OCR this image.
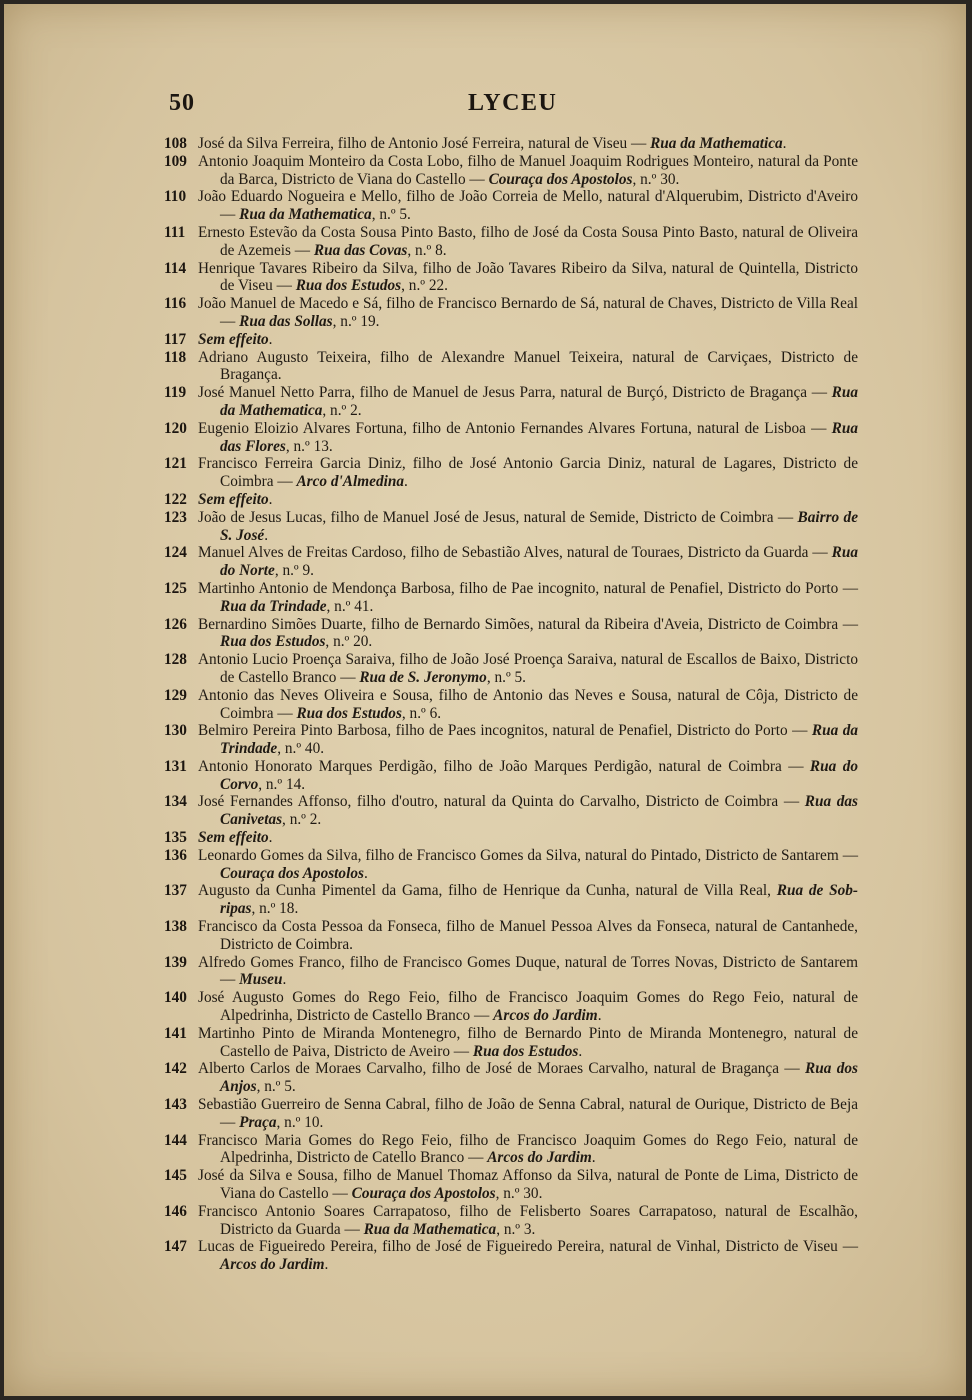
50	LYCEU
108 José da Silva Ferreira, filho de Antonio José Ferreira, natural de Viseu — Rua da Mathematica.
109 Antonio Joaquim Monteiro da Costa Lobo, filho de Manuel Joaquim Rodrigues Monteiro, natural da Ponte da Barca, Districto de Viana do Castello — Couraça dos Apostolos, n.º 30.
110 João Eduardo Nogueira e Mello, filho de João Correia de Mello, natural d'Alquerubim, Districto d'Aveiro — Rua da Mathematica, n.º 5.
111 Ernesto Estevão da Costa Sousa Pinto Basto, filho de José da Costa Sousa Pinto Basto, natural de Oliveira de Azemeis — Rua das Covas, n.º 8.
114 Henrique Tavares Ribeiro da Silva, filho de João Tavares Ribeiro da Silva, natural de Quintella, Districto de Viseu — Rua dos Estudos, n.º 22.
116 João Manuel de Macedo e Sá, filho de Francisco Bernardo de Sá, natural de Chaves, Districto de Villa Real — Rua das Sollas, n.º 19.
117 Sem effeito.
118 Adriano Augusto Teixeira, filho de Alexandre Manuel Teixeira, natural de Carviçaes, Districto de Bragança.
119 José Manuel Netto Parra, filho de Manuel de Jesus Parra, natural de Burçó, Districto de Bragança — Rua da Mathematica, n.º 2.
120 Eugenio Eloizio Alvares Fortuna, filho de Antonio Fernandes Alvares Fortuna, natural de Lisboa — Rua das Flores, n.º 13.
121 Francisco Ferreira Garcia Diniz, filho de José Antonio Garcia Diniz, natural de Lagares, Districto de Coimbra — Arco d'Almedina.
122 Sem effeito.
123 João de Jesus Lucas, filho de Manuel José de Jesus, natural de Semide, Districto de Coimbra — Bairro de S. José.
124 Manuel Alves de Freitas Cardoso, filho de Sebastião Alves, natural de Touraes, Districto da Guarda — Rua do Norte, n.º 9.
125 Martinho Antonio de Mendonça Barbosa, filho de Pae incognito, natural de Penafiel, Districto do Porto — Rua da Trindade, n.º 41.
126 Bernardino Simões Duarte, filho de Bernardo Simões, natural da Ribeira d'Aveia, Districto de Coimbra — Rua dos Estudos, n.º 20.
128 Antonio Lucio Proença Saraiva, filho de João José Proença Saraiva, natural de Escallos de Baixo, Districto de Castello Branco — Rua de S. Jeronymo, n.º 5.
129 Antonio das Neves Oliveira e Sousa, filho de Antonio das Neves e Sousa, natural de Côja, Districto de Coimbra — Rua dos Estudos, n.º 6.
130 Belmiro Pereira Pinto Barbosa, filho de Paes incognitos, natural de Penafiel, Districto do Porto — Rua da Trindade, n.º 40.
131 Antonio Honorato Marques Perdigão, filho de João Marques Perdigão, natural de Coimbra — Rua do Corvo, n.º 14.
134 José Fernandes Affonso, filho d'outro, natural da Quinta do Carvalho, Districto de Coimbra — Rua das Canivetas, n.º 2.
135 Sem effeito.
136 Leonardo Gomes da Silva, filho de Francisco Gomes da Silva, natural do Pintado, Districto de Santarem — Couraça dos Apostolos.
137 Augusto da Cunha Pimentel da Gama, filho de Henrique da Cunha, natural de Villa Real, Rua de Sob-ripas, n.º 18.
138 Francisco da Costa Pessoa da Fonseca, filho de Manuel Pessoa Alves da Fonseca, natural de Cantanhede, Districto de Coimbra.
139 Alfredo Gomes Franco, filho de Francisco Gomes Duque, natural de Torres Novas, Districto de Santarem — Museu.
140 José Augusto Gomes do Rego Feio, filho de Francisco Joaquim Gomes do Rego Feio, natural de Alpedrinha, Districto de Castello Branco — Arcos do Jardim.
141 Martinho Pinto de Miranda Montenegro, filho de Bernardo Pinto de Miranda Montenegro, natural de Castello de Paiva, Districto de Aveiro — Rua dos Estudos.
142 Alberto Carlos de Moraes Carvalho, filho de José de Moraes Carvalho, natural de Bragança — Rua dos Anjos, n.º 5.
143 Sebastião Guerreiro de Senna Cabral, filho de João de Senna Cabral, natural de Ourique, Districto de Beja — Praça, n.º 10.
144 Francisco Maria Gomes do Rego Feio, filho de Francisco Joaquim Gomes do Rego Feio, natural de Alpedrinha, Districto de Catello Branco — Arcos do Jardim.
145 José da Silva e Sousa, filho de Manuel Thomaz Affonso da Silva, natural de Ponte de Lima, Districto de Viana do Castello — Couraça dos Apostolos, n.º 30.
146 Francisco Antonio Soares Carrapatoso, filho de Felisberto Soares Carrapatoso, natural de Escalhão, Districto da Guarda — Rua da Mathematica, n.º 3.
147 Lucas de Figueiredo Pereira, filho de José de Figueiredo Pereira, natural de Vinhal, Districto de Viseu — Arcos do Jardim.
